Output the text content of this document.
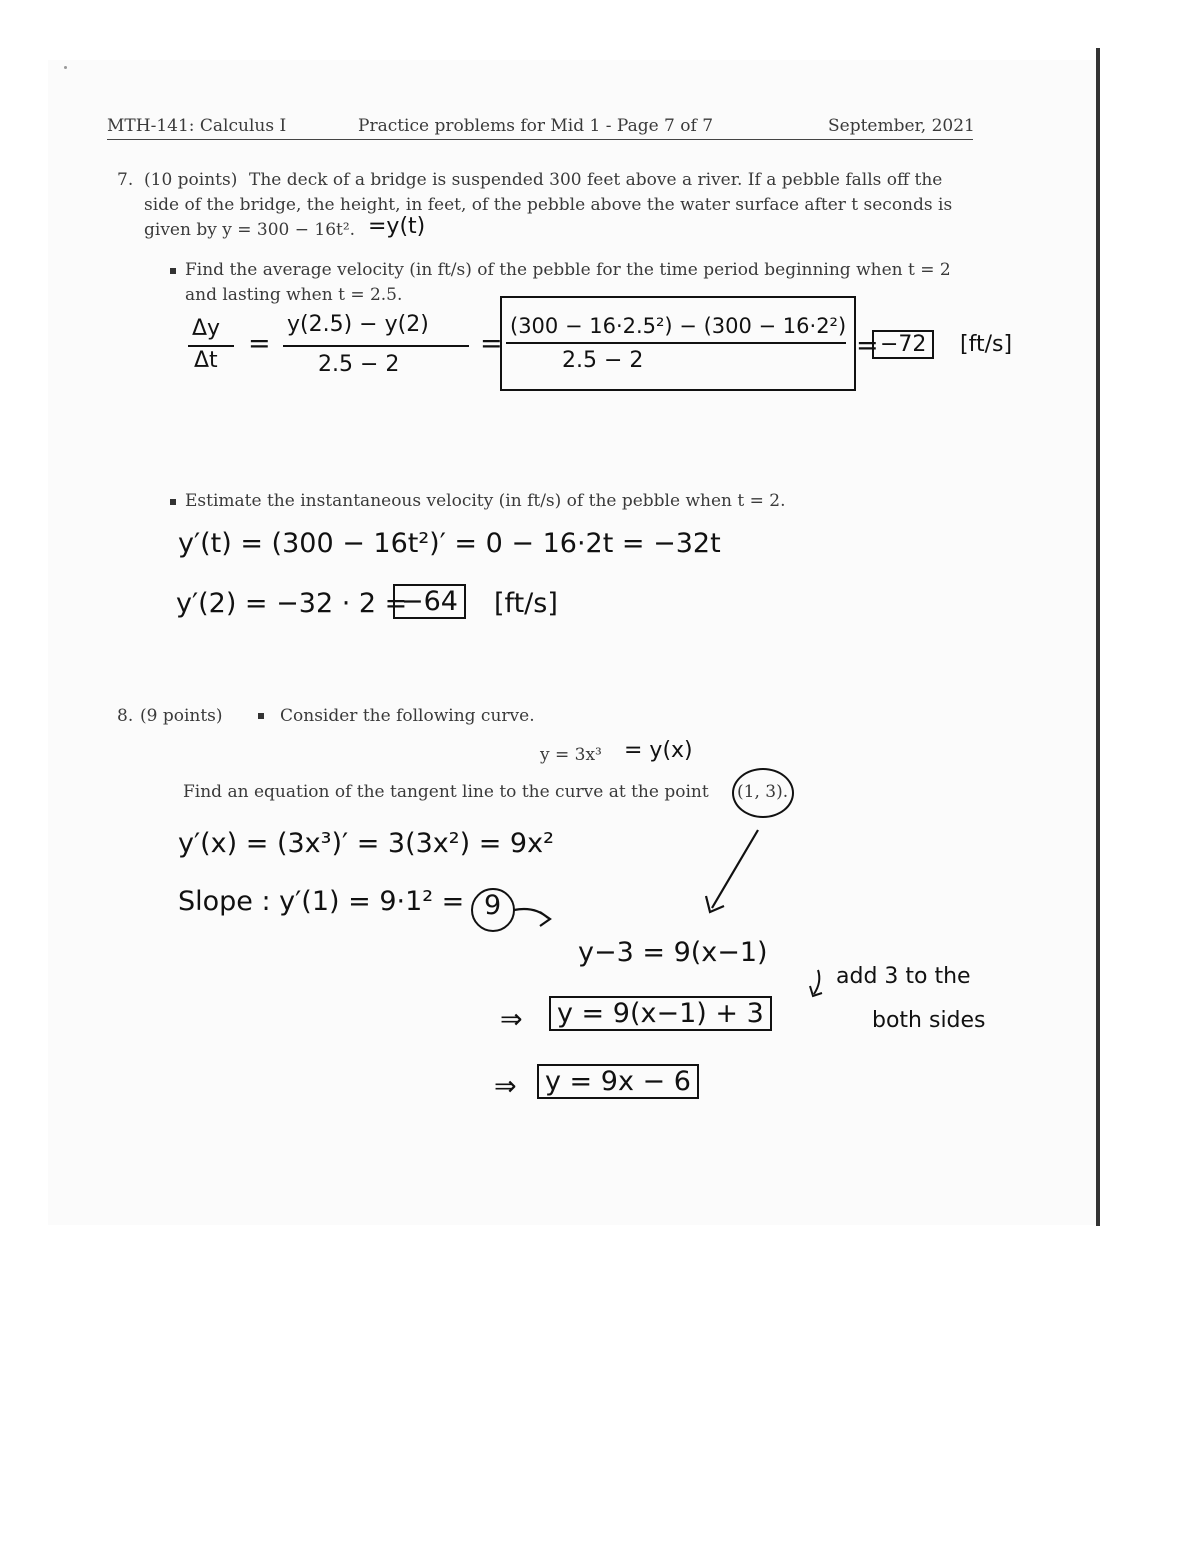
MTH-141: Calculus I	Practice problems for Mid 1 - Page 7 of 7	September, 2021
7. (10 points) The deck of a bridge is suspended 300 feet above a river. If a pebble falls off the
side of the bridge, the height, in feet, of the pebble above the water surface after t seconds is
given by y = 300 − 16t². =y(t)
Find the average velocity (in ft/s) of the pebble for the time period beginning when t = 2
and lasting when t = 2.5.
Δy
Δt
=
y(2.5) − y(2)
2.5 − 2
=
(300 − 16·2.5²) − (300 − 16·2²)
2.5 − 2	= −72	[ft/s]
Estimate the instantaneous velocity (in ft/s) of the pebble when t = 2.
y′(t) = (300 − 16t²)′ = 0 − 16·2t = −32t
y′(2) = −32 · 2 =
−64 [ft/s]
8. (9 points)	Consider the following curve.
y = 3x³ = y(x)
Find an equation of the tangent line to the curve at the point (1, 3).
y′(x) = (3x³)′ = 3(3x²) = 9x²
Slope : y′(1) = 9·1² = 9
y−3 = 9(x−1)
⇒ y = 9(x−1) + 3
⇒ y = 9x − 6
add 3 to the
both sides
